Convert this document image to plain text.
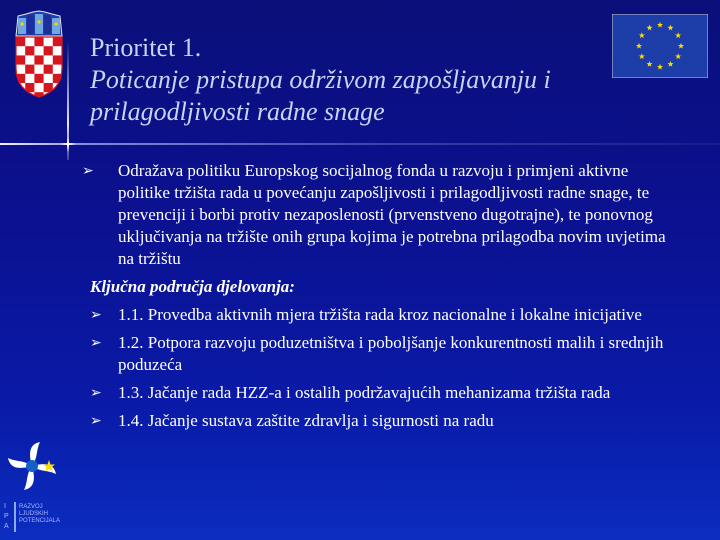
Prioritet 1.
Poticanje pristupa održivom zapošljavanju i prilagodljivosti radne snage
➢ Odražava politiku Europskog socijalnog fonda u razvoju i primjeni aktivne politike tržišta rada u povećanju zapošljivosti i prilagodljivosti radne snage, te prevenciji i borbi protiv nezaposlenosti (prvenstveno dugotrajne), te ponovnog uključivanja na tržište onih grupa kojima je potrebna prilagodba novim uvjetima na tržištu
Ključna područja djelovanja:
➢ 1.1. Provedba aktivnih mjera tržišta rada kroz nacionalne i lokalne inicijative
➢ 1.2. Potpora razvoju poduzetništva i poboljšanje konkurentnosti malih i srednjih poduzeća
➢ 1.3. Jačanje rada HZZ-a i ostalih podržavajućih mehanizama tržišta rada
➢ 1.4. Jačanje sustava zaštite zdravlja i sigurnosti na radu
RAZVOJ
LJUDSKIH
POTENCIJALA
I
P
A
